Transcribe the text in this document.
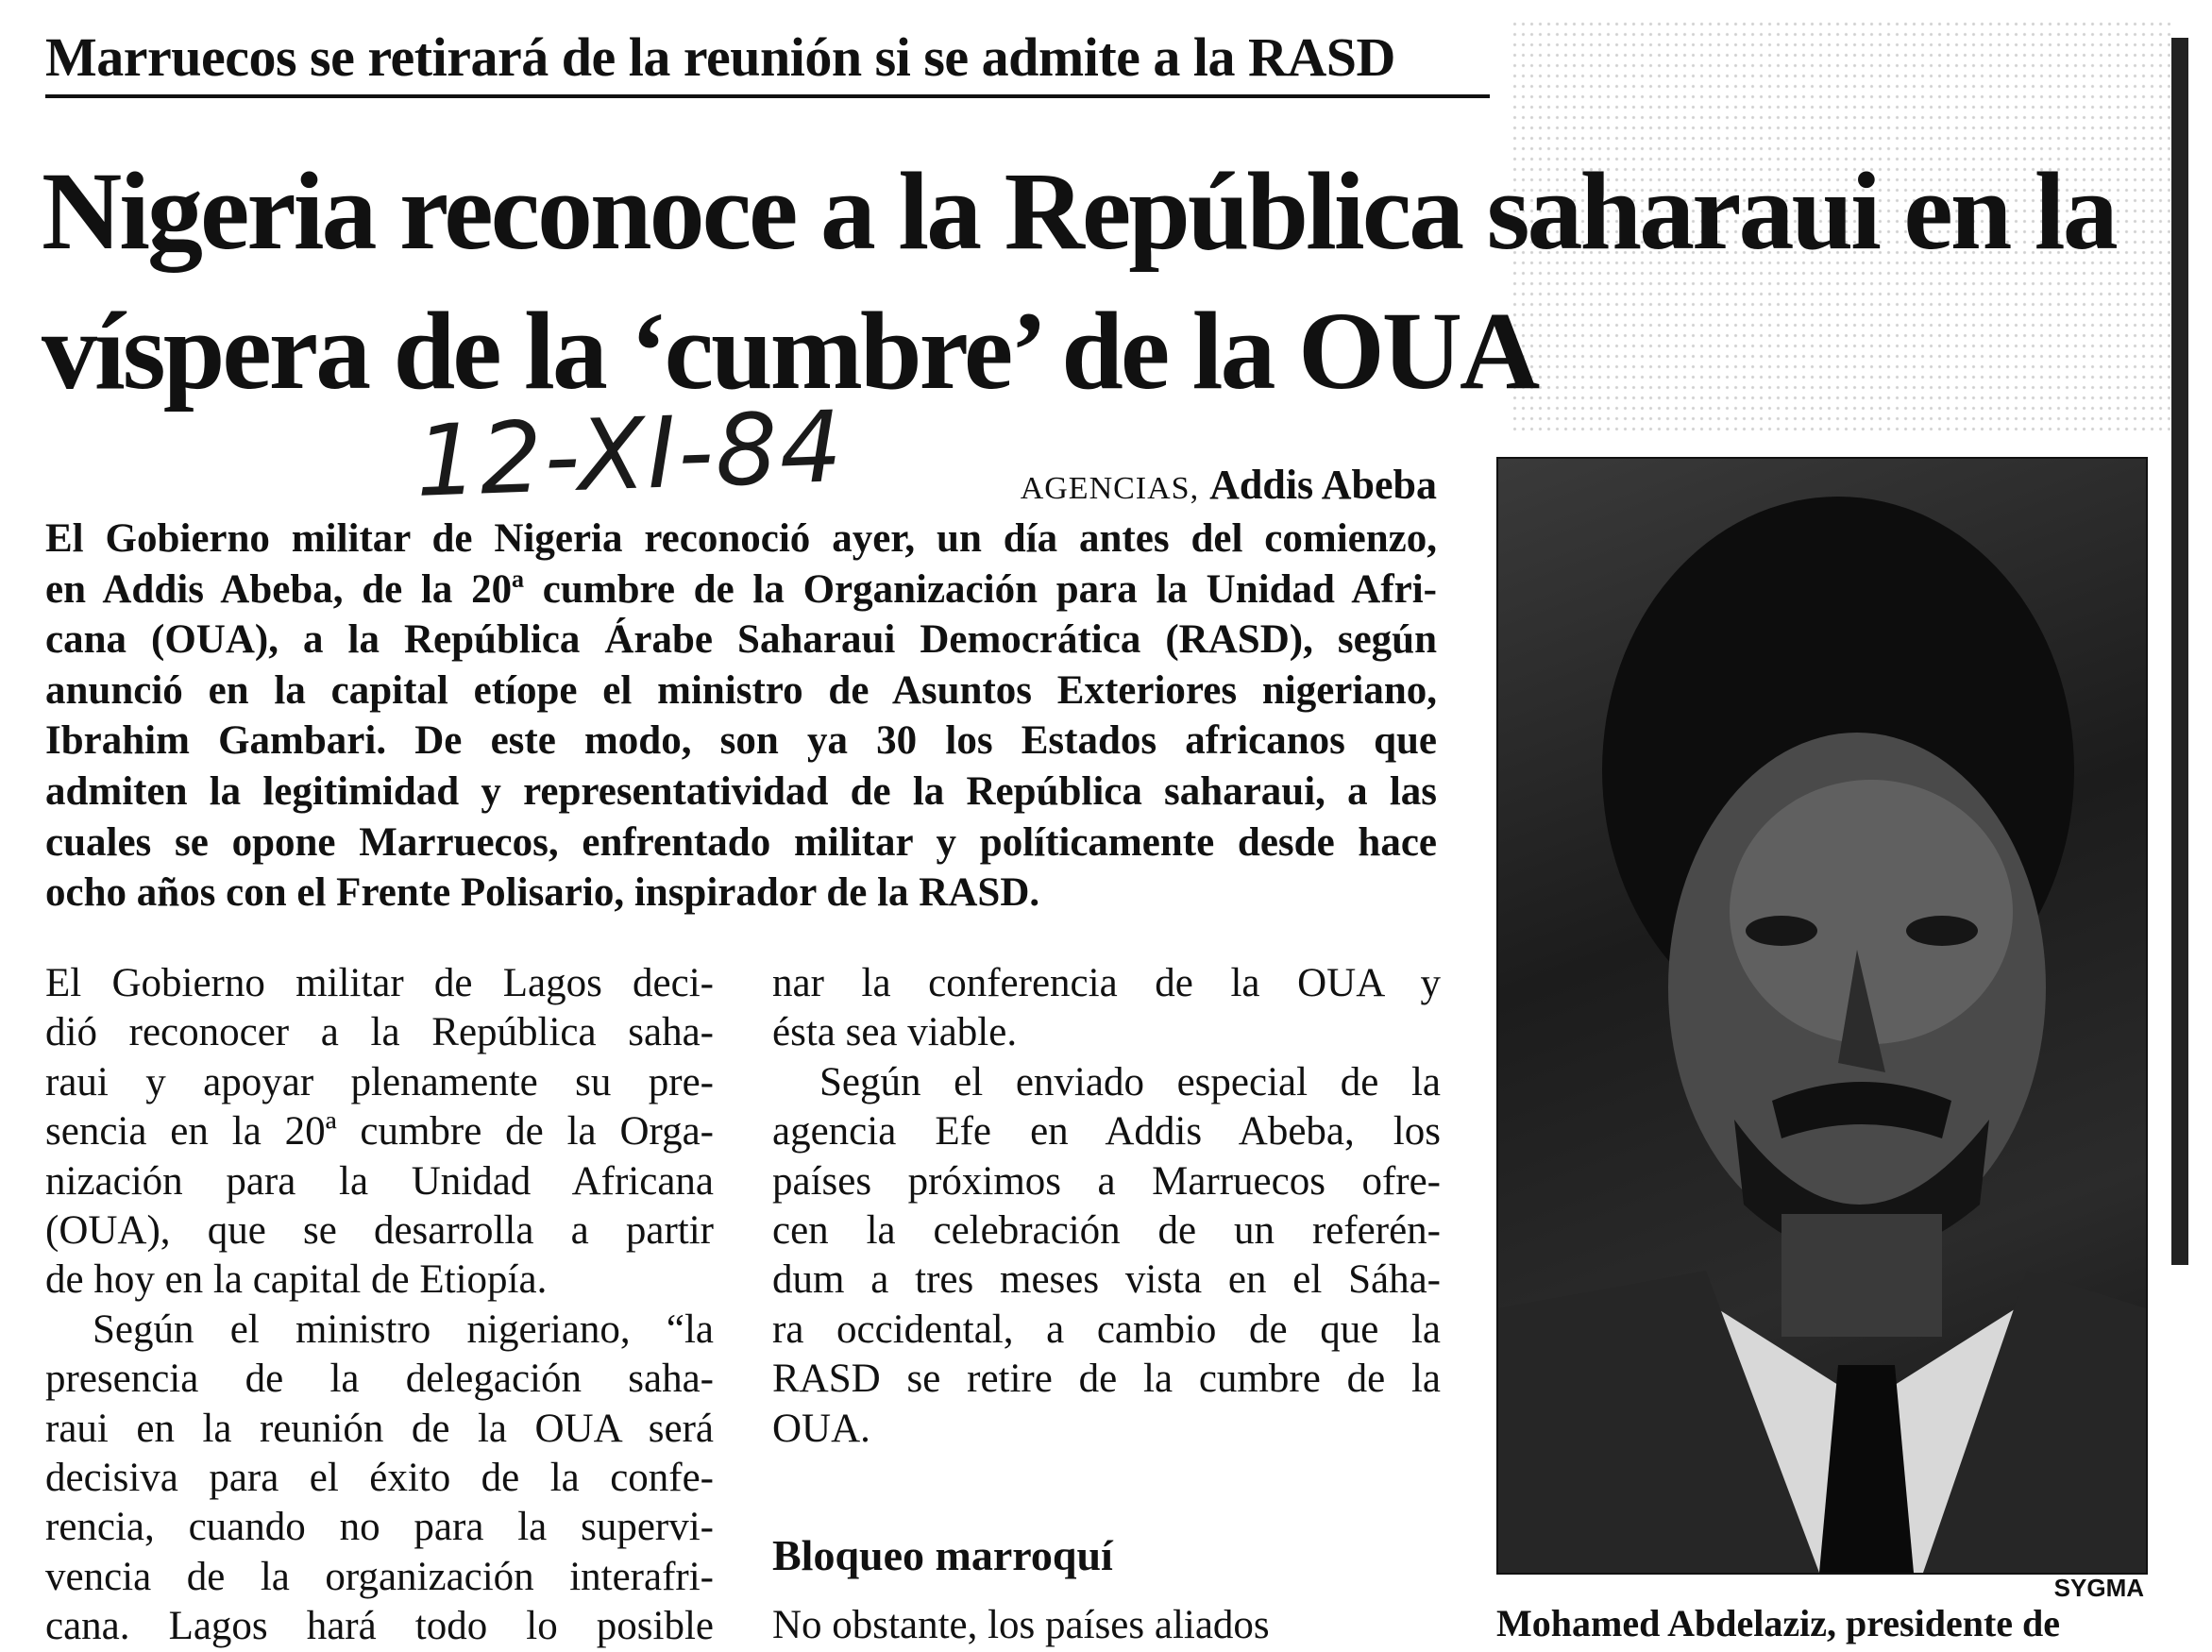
Marruecos se retirará de la reunión si se admite a la RASD
Nigeria reconoce a la República saharaui en la
víspera de la ‘cumbre’ de la OUA
12-XI-84	AGENCIAS, Addis Abeba
El Gobierno militar de Nigeria reconoció ayer, un día antes del comienzo,
en Addis Abeba, de la 20ª cumbre de la Organización para la Unidad Afri-
cana (OUA), a la República Árabe Saharaui Democrática (RASD), según
anunció en la capital etíope el ministro de Asuntos Exteriores nigeriano,
Ibrahim Gambari. De este modo, son ya 30 los Estados africanos que
admiten la legitimidad y representatividad de la República saharaui, a las
cuales se opone Marruecos, enfrentado militar y políticamente desde hace
ocho años con el Frente Polisario, inspirador de la RASD.
El Gobierno militar de Lagos deci-
dió reconocer a la República saha-
raui y apoyar plenamente su pre-
sencia en la 20ª cumbre de la Orga-
nización para la Unidad Africana
(OUA), que se desarrolla a partir
de hoy en la capital de Etiopía.
Según el ministro nigeriano, “la
presencia de la delegación saha-
raui en la reunión de la OUA será
decisiva para el éxito de la confe-
rencia, cuando no para la supervi-
vencia de la organización interafri-
cana. Lagos hará todo lo posible
nar la conferencia de la OUA y
ésta sea viable.
Según el enviado especial de la
agencia Efe en Addis Abeba, los
países próximos a Marruecos ofre-
cen la celebración de un referén-
dum a tres meses vista en el Sáha-
ra occidental, a cambio de que la
RASD se retire de la cumbre de la
OUA.
Bloqueo marroquí
No obstante, los países aliados
SYGMA
Mohamed Abdelaziz, presidente de
